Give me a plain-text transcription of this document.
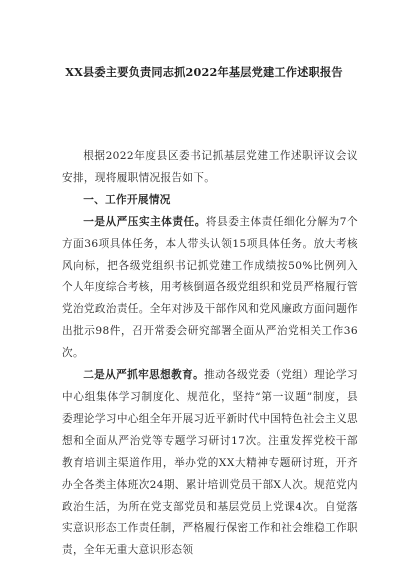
XX县委主要负责同志抓2022年基层党建工作述职报告

根据2022年度县区委书记抓基层党建工作述职评议会议安排，现将履职情况报告如下。

一、工作开展情况

一是从严压实主体责任。将县委主体责任细化分解为7个方面36项具体任务，本人带头认领15项具体任务。放大考核风向标，把各级党组织书记抓党建工作成绩按50%比例列入个人年度综合考核，用考核倒逼各级党组织和党员严格履行管党治党政治责任。全年对涉及干部作风和党风廉政方面问题作出批示98件，召开常委会研究部署全面从严治党相关工作36次。

二是从严抓牢思想教育。推动各级党委（党组）理论学习中心组集体学习制度化、规范化，坚持“第一议题”制度，县委理论学习中心组全年开展习近平新时代中国特色社会主义思想和全面从严治党等专题学习研讨17次。注重发挥党校干部教育培训主渠道作用，举办党的XX大精神专题研讨班，开齐办全各类主体班次24期、累计培训党员干部X人次。规范党内政治生活，为所在党支部党员和基层党员上党课4次。自觉落实意识形态工作责任制，严格履行保密工作和社会维稳工作职责，全年无重大意识形态领
